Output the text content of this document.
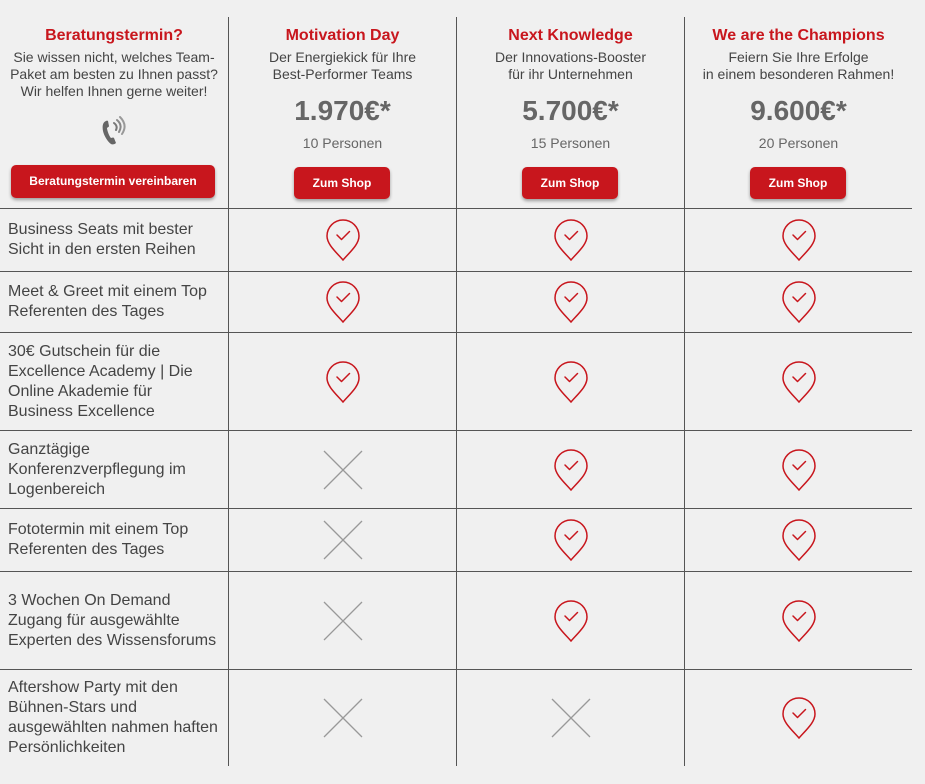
Beratungstermin?
Sie wissen nicht, welches Team-
Paket am besten zu Ihnen passt?
Wir helfen Ihnen gerne weiter!
Beratungstermin vereinbaren
Motivation Day
Der Energiekick für Ihre
Best-Performer Teams
1.970€*
10 Personen
Zum Shop
Next Knowledge
Der Innovations-Booster
für ihr Unternehmen
5.700€*
15 Personen
Zum Shop
We are the Champions
Feiern Sie Ihre Erfolge
in einem besonderen Rahmen!
9.600€*
20 Personen
Zum Shop
Business Seats mit bester Sicht in den ersten Reihen
Meet & Greet mit einem Top Referenten des Tages
30€ Gutschein für die Excellence Academy | Die Online Akademie für Business Excellence
Ganztägige Konferenzverpflegung im Logenbereich
Fototermin mit einem Top Referenten des Tages
3 Wochen On Demand Zugang für ausgewählte Experten des Wissensforums
Aftershow Party mit den Bühnen-Stars und ausgewählten nahmen haften Persönlichkeiten
